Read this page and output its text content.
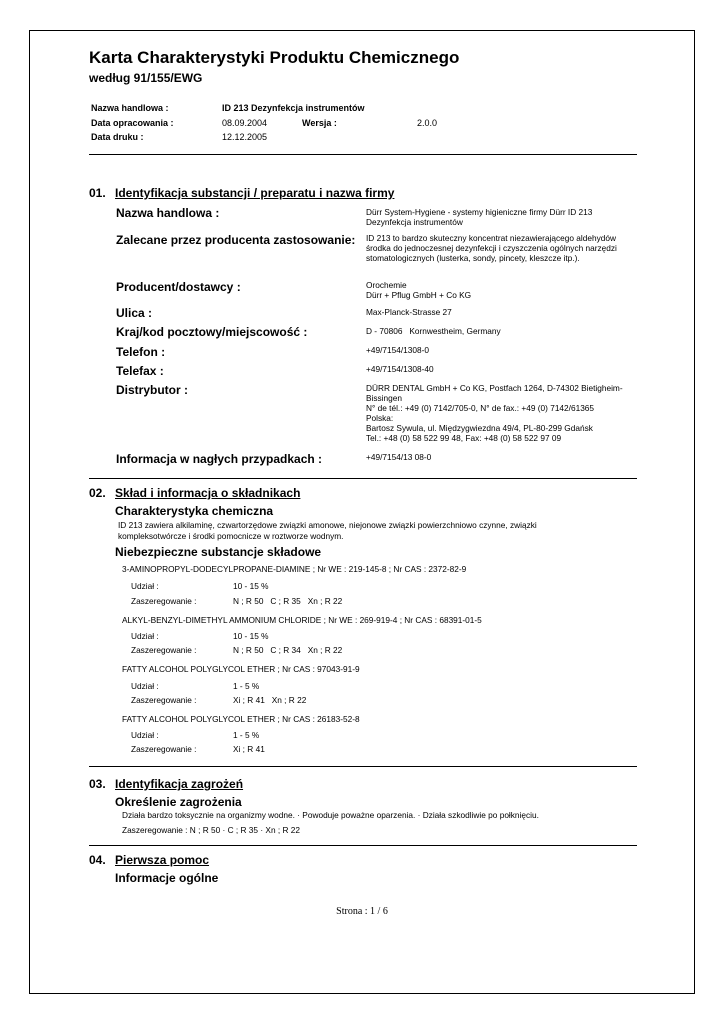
Karta Charakterystyki Produktu Chemicznego
według 91/155/EWG
Nazwa handlowa :	ID 213 Dezynfekcja instrumentów
Data opracowania :	08.09.2004	Wersja :	2.0.0
Data druku :	12.12.2005
01. Identyfikacja substancji / preparatu i nazwa firmy
Nazwa handlowa :	Dürr System-Hygiene - systemy higieniczne firmy Dürr ID 213 Dezynfekcja instrumentów
Zalecane przez producenta zastosowanie: ID 213 to bardzo skuteczny koncentrat niezawierającego aldehydów środka do jednoczesnej dezynfekcji i czyszczenia ogólnych narzędzi stomatologicznych (lusterka, sondy, pincety, kleszcze itp.).
Producent/dostawcy :	Orochemie
Dürr + Pflug GmbH + Co KG
Ulica :	Max-Planck-Strasse 27
Kraj/kod pocztowy/miejscowość :	D - 70806   Kornwestheim, Germany
Telefon :	+49/7154/1308-0
Telefax :	+49/7154/1308-40
Distrybutor :	DÜRR DENTAL GmbH + Co KG, Postfach 1264, D-74302 Bietigheim-Bissingen
N° de tél.: +49 (0) 7142/705-0, N° de fax.: +49 (0) 7142/61365
Polska:
Bartosz Sywula, ul. Międzygwiezdna 49/4, PL-80-299 Gdańsk
Tel.: +48 (0) 58 522 99 48, Fax: +48 (0) 58 522 97 09
Informacja w nagłych przypadkach :	+49/7154/13 08-0
02. Skład i informacja o składnikach
Charakterystyka chemiczna
ID 213 zawiera alkilaminę, czwartorzędowe związki amonowe, niejonowe związki powierzchniowo czynne, związki kompleksotwórcze i środki pomocnicze w roztworze wodnym.
Niebezpieczne substancje składowe
3-AMINOPROPYL-DODECYLPROPANE-DIAMINE ; Nr WE : 219-145-8 ; Nr CAS : 2372-82-9
Udział :	10 - 15 %
Zaszeregowanie :	N ; R 50   C ; R 35   Xn ; R 22
ALKYL-BENZYL-DIMETHYL AMMONIUM CHLORIDE ; Nr WE : 269-919-4 ; Nr CAS : 68391-01-5
Udział :	10 - 15 %
Zaszeregowanie :	N ; R 50   C ; R 34   Xn ; R 22
FATTY ALCOHOL POLYGLYCOL ETHER ; Nr CAS : 97043-91-9
Udział :	1 - 5 %
Zaszeregowanie :	Xi ; R 41   Xn ; R 22
FATTY ALCOHOL POLYGLYCOL ETHER ; Nr CAS : 26183-52-8
Udział :	1 - 5 %
Zaszeregowanie :	Xi ; R 41
03. Identyfikacja zagrożeń
Określenie zagrożenia
Działa bardzo toksycznie na organizmy wodne. · Powoduje poważne oparzenia. · Działa szkodliwie po połknięciu.
Zaszeregowanie : N ; R 50 · C ; R 35 · Xn ; R 22
04. Pierwsza pomoc
Informacje ogólne
Strona : 1 / 6
